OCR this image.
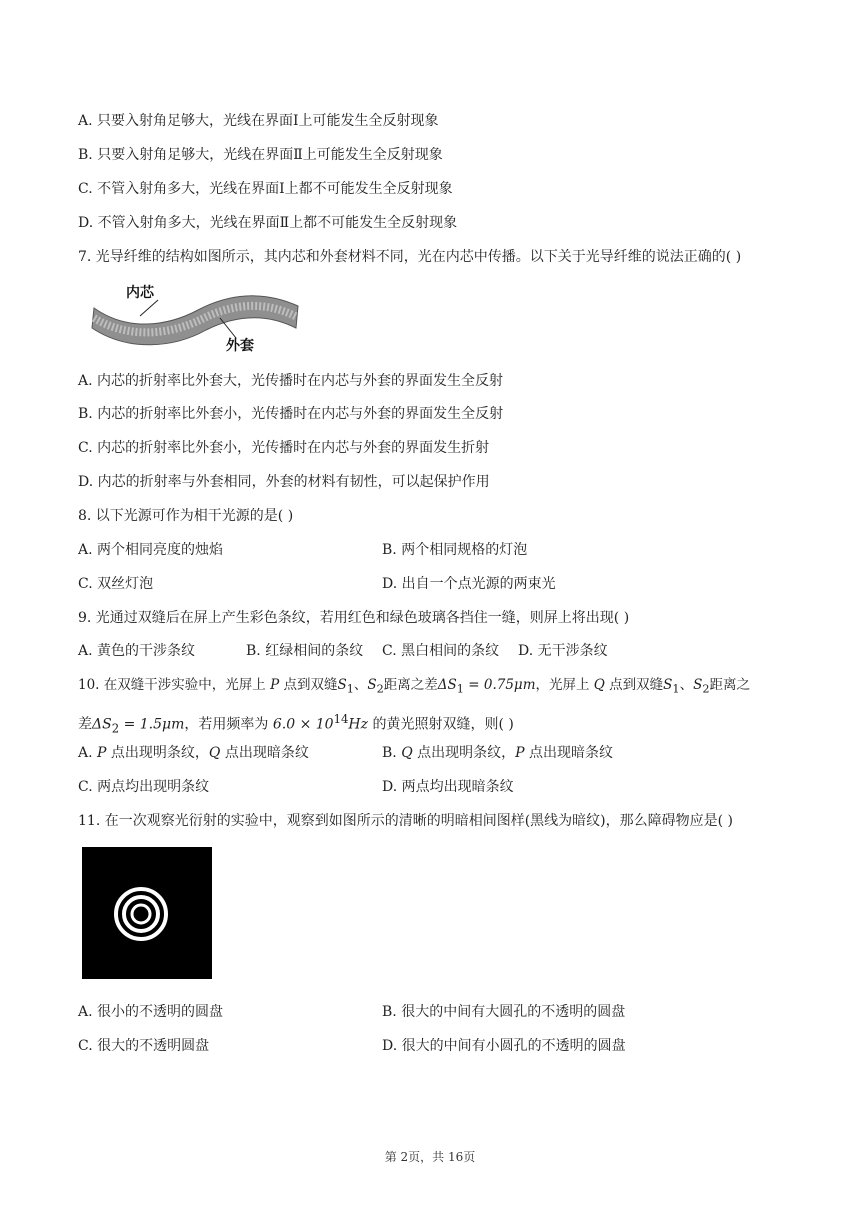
A. 只要入射角足够大，光线在界面Ⅰ上可能发生全反射现象
B. 只要入射角足够大，光线在界面Ⅱ上可能发生全反射现象
C. 不管入射角多大，光线在界面Ⅰ上都不可能发生全反射现象
D. 不管入射角多大，光线在界面Ⅱ上都不可能发生全反射现象
7. 光导纤维的结构如图所示，其内芯和外套材料不同，光在内芯中传播。以下关于光导纤维的说法正确的( )
内芯
外套
A. 内芯的折射率比外套大，光传播时在内芯与外套的界面发生全反射
B. 内芯的折射率比外套小，光传播时在内芯与外套的界面发生全反射
C. 内芯的折射率比外套小，光传播时在内芯与外套的界面发生折射
D. 内芯的折射率与外套相同，外套的材料有韧性，可以起保护作用
8. 以下光源可作为相干光源的是( )
A. 两个相同亮度的烛焰	B. 两个相同规格的灯泡
C. 双丝灯泡	D. 出自一个点光源的两束光
9. 光通过双缝后在屏上产生彩色条纹，若用红色和绿色玻璃各挡住一缝，则屏上将出现( )
A. 黄色的干涉条纹	B. 红绿相间的条纹 C. 黑白相间的条纹 D. 无干涉条纹
10. 在双缝干涉实验中，光屏上 P 点到双缝$S_1$、$S_2$距离之差$\Delta S_1 = 0.75\mu m$，光屏上 Q 点到双缝$S_1$、$S_2$距离之
差$\Delta S_2 = 1.5\mu m$，若用频率为 $6.0 \times 10^{14}Hz$ 的黄光照射双缝，则( )
A. P 点出现明条纹，Q 点出现暗条纹	B. Q 点出现明条纹，P 点出现暗条纹
C. 两点均出现明条纹	D. 两点均出现暗条纹
11. 在一次观察光衍射的实验中，观察到如图所示的清晰的明暗相间图样(黑线为暗纹)，那么障碍物应是( )
A. 很小的不透明的圆盘	B. 很大的中间有大圆孔的不透明的圆盘
C. 很大的不透明圆盘	D. 很大的中间有小圆孔的不透明的圆盘
第 2页，共 16页
